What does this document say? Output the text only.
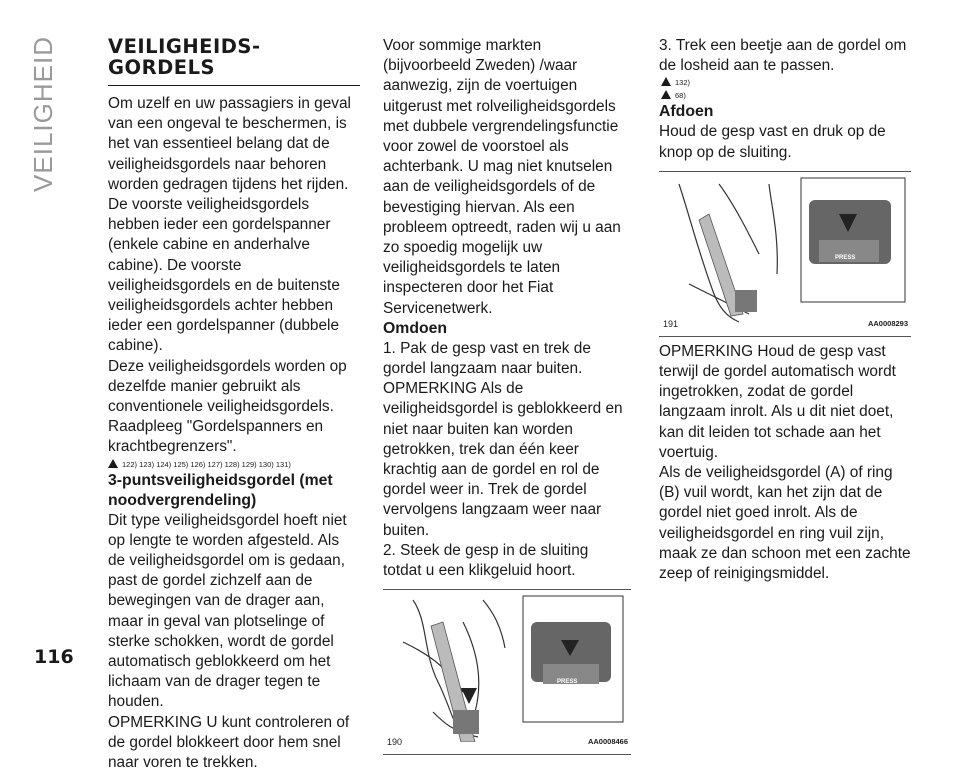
VEILIGHEID
116
VEILIGHEIDS-GORDELS

Om uzelf en uw passagiers in geval van een ongeval te beschermen, is het van essentieel belang dat de veiligheidsgordels naar behoren worden gedragen tijdens het rijden.

De voorste veiligheidsgordels hebben ieder een gordelspanner (enkele cabine en anderhalve cabine). De voorste veiligheidsgordels en de buitenste veiligheidsgordels achter hebben ieder een gordelspanner (dubbele cabine).

Deze veiligheidsgordels worden op dezelfde manier gebruikt als conventionele veiligheidsgordels.

Raadpleeg "Gordelspanners en krachtbegrenzers".

122) 123) 124) 125) 126) 127) 128) 129) 130) 131)
3-puntsveiligheidsgordel (met noodvergrendeling)

Dit type veiligheidsgordel hoeft niet op lengte te worden afgesteld. Als de veiligheidsgordel om is gedaan, past de gordel zichzelf aan de bewegingen van de drager aan, maar in geval van plotselinge of sterke schokken, wordt de gordel automatisch geblokkeerd om het lichaam van de drager tegen te houden.

OPMERKING U kunt controleren of de gordel blokkeert door hem snel naar voren te trekken.

Voor sommige markten (bijvoorbeeld Zweden) /waar aanwezig, zijn de voertuigen uitgerust met rolveiligheidsgordels met dubbele vergrendelingsfunctie voor zowel de voorstoel als achterbank. U mag niet knutselen aan de veiligheidsgordels of de bevestiging hiervan. Als een probleem optreedt, raden wij u aan zo spoedig mogelijk uw veiligheidsgordels te laten inspecteren door het Fiat Servicenetwerk.

Omdoen

1. Pak de gesp vast en trek de gordel langzaam naar buiten.

OPMERKING Als de veiligheidsgordel is geblokkeerd en niet naar buiten kan worden getrokken, trek dan één keer krachtig aan de gordel en rol de gordel weer in. Trek de gordel vervolgens langzaam weer naar buiten.

2. Steek de gesp in de sluiting totdat u een klikgeluid hoort.

190	AA0008466
PRESS

3. Trek een beetje aan de gordel om de losheid aan te passen.

132)
68)
Afdoen

Houd de gesp vast en druk op de knop op de sluiting.

191	AA0008293
PRESS

OPMERKING Houd de gesp vast terwijl de gordel automatisch wordt ingetrokken, zodat de gordel langzaam inrolt. Als u dit niet doet, kan dit leiden tot schade aan het voertuig.

Als de veiligheidsgordel (A) of ring (B) vuil wordt, kan het zijn dat de gordel niet goed inrolt. Als de veiligheidsgordel en ring vuil zijn, maak ze dan schoon met een zachte zeep of reinigingsmiddel.
